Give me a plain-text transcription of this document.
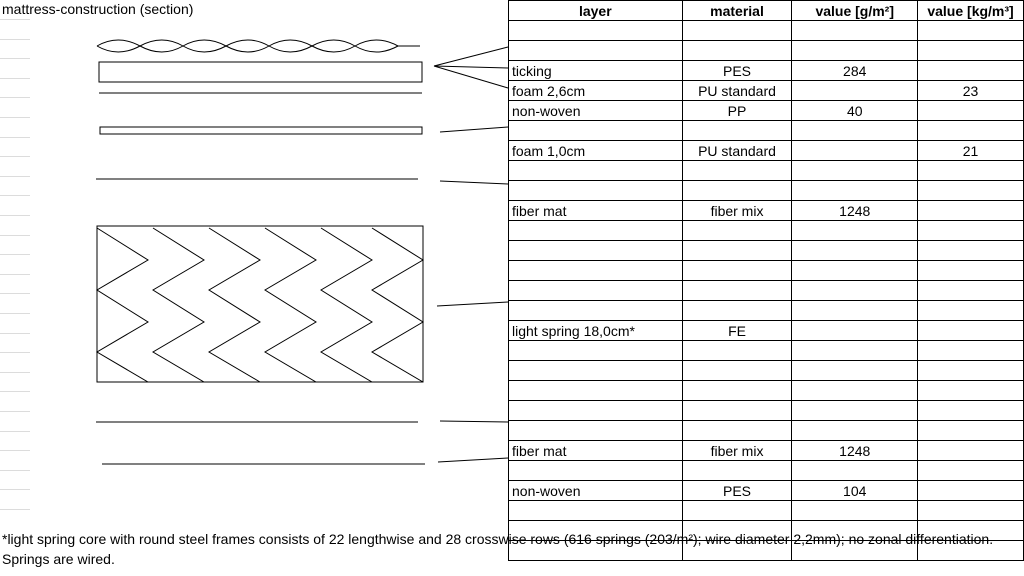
mattress-construction (section)	layer	material	value [g/m²]	value [kg/m³]

ticking	PES	284	
foam 2,6cm	PU standard		23
non-woven	PP	40	

foam 1,0cm	PU standard		21

fiber mat	fiber mix	1248	

light spring 18,0cm*	FE		

fiber mat	fiber mix	1248	

non-woven	PES	104	

*light spring core with round steel frames consists of 22 lengthwise and 28 crosswise rows (616 springs (203/m²); wire diameter 2,2mm); no zonal differentiation. Springs are wired.
